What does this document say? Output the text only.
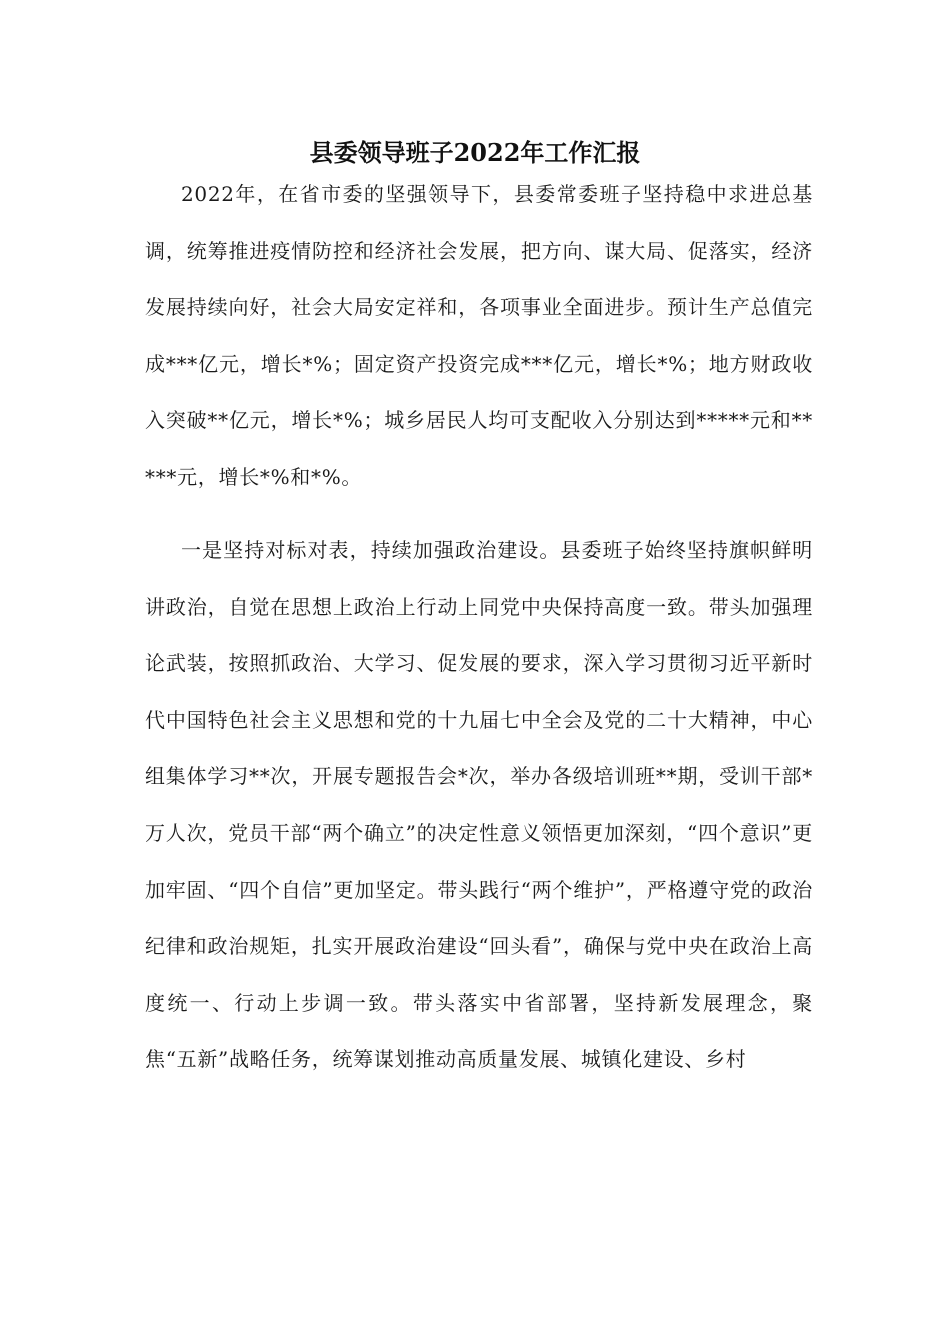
县委领导班子2022年工作汇报

2022年，在省市委的坚强领导下，县委常委班子坚持稳中求进总基调，统筹推进疫情防控和经济社会发展，把方向、谋大局、促落实，经济发展持续向好，社会大局安定祥和，各项事业全面进步。预计生产总值完成***亿元，增长*%；固定资产投资完成***亿元，增长*%；地方财政收入突破**亿元，增长*%；城乡居民人均可支配收入分别达到*****元和*****元，增长*%和*%。

一是坚持对标对表，持续加强政治建设。县委班子始终坚持旗帜鲜明讲政治，自觉在思想上政治上行动上同党中央保持高度一致。带头加强理论武装，按照抓政治、大学习、促发展的要求，深入学习贯彻习近平新时代中国特色社会主义思想和党的十九届七中全会及党的二十大精神，中心组集体学习**次，开展专题报告会*次，举办各级培训班**期，受训干部*万人次，党员干部“两个确立”的决定性意义领悟更加深刻，“四个意识”更加牢固、“四个自信”更加坚定。带头践行“两个维护”，严格遵守党的政治纪律和政治规矩，扎实开展政治建设“回头看”，确保与党中央在政治上高度统一、行动上步调一致。带头落实中省部署，坚持新发展理念，聚焦“五新”战略任务，统筹谋划推动高质量发展、城镇化建设、乡村
